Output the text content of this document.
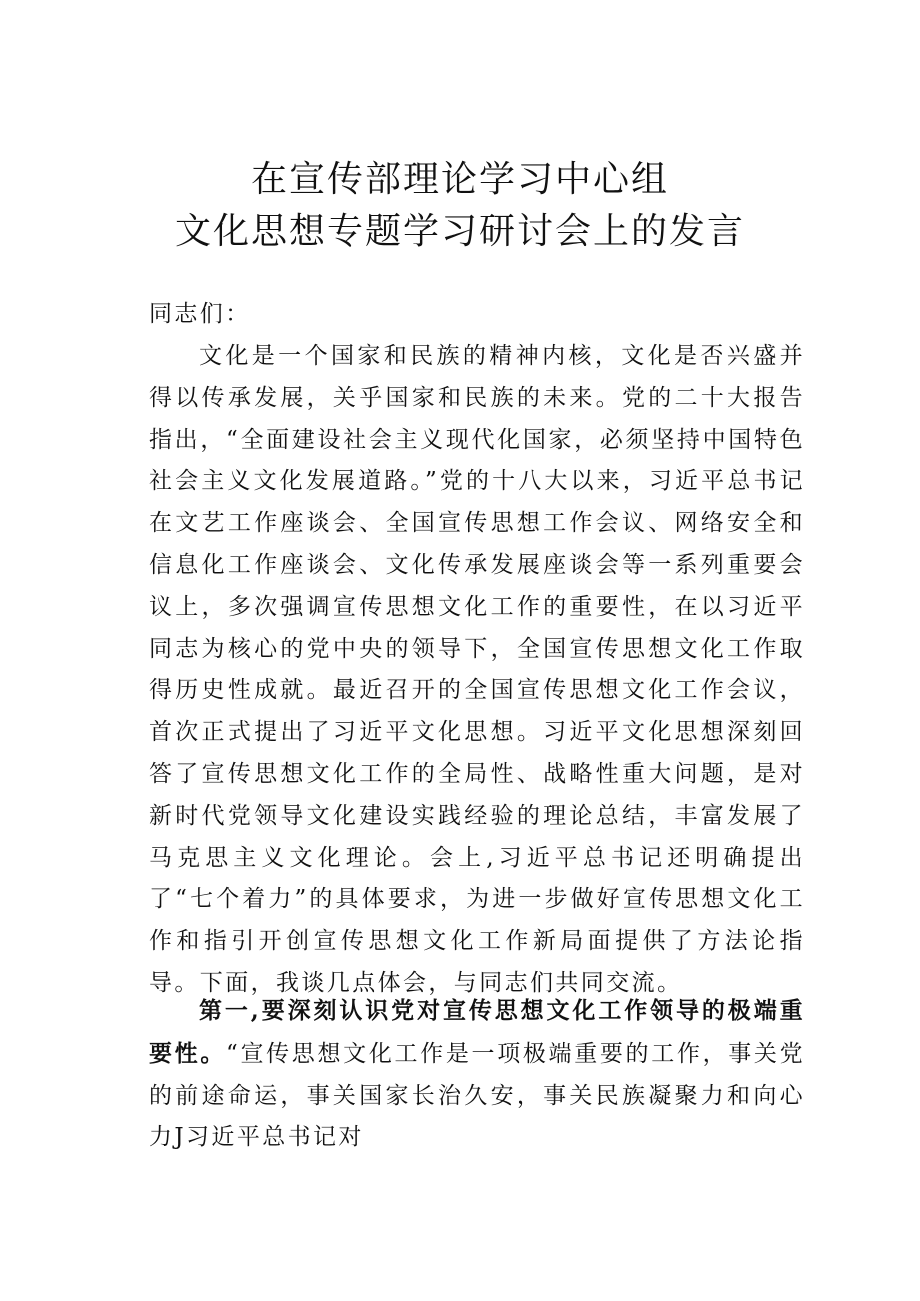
在宣传部理论学习中心组
文化思想专题学习研讨会上的发言

同志们：

文化是一个国家和民族的精神内核，文化是否兴盛并得以传承发展，关乎国家和民族的未来。党的二十大报告指出，“全面建设社会主义现代化国家，必须坚持中国特色社会主义文化发展道路。”党的十八大以来，习近平总书记在文艺工作座谈会、全国宣传思想工作会议、网络安全和信息化工作座谈会、文化传承发展座谈会等一系列重要会议上，多次强调宣传思想文化工作的重要性，在以习近平同志为核心的党中央的领导下，全国宣传思想文化工作取得历史性成就。最近召开的全国宣传思想文化工作会议，首次正式提出了习近平文化思想。习近平文化思想深刻回答了宣传思想文化工作的全局性、战略性重大问题，是对新时代党领导文化建设实践经验的理论总结，丰富发展了马克思主义文化理论。会上,习近平总书记还明确提出了“七个着力”的具体要求，为进一步做好宣传思想文化工作和指引开创宣传思想文化工作新局面提供了方法论指导。下面，我谈几点体会，与同志们共同交流。

第一,要深刻认识党对宣传思想文化工作领导的极端重要性。“宣传思想文化工作是一项极端重要的工作，事关党的前途命运，事关国家长治久安，事关民族凝聚力和向心力J习近平总书记对
